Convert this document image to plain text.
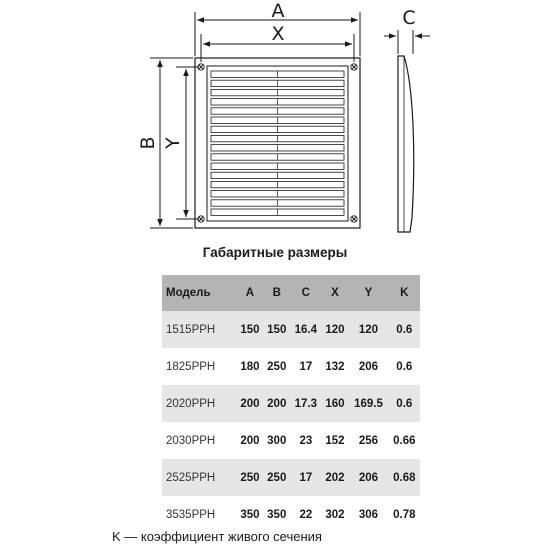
A
X
B Y
C
Габаритные размеры
Модель	A	B	C	X	Y	K
1515PPH	150	150	16.4	120	120	0.6
1825PPH	180	250	17	132	206	0.6
2020PPH	200	200	17.3	160	169.5	0.6
2030PPH	200	300	23	152	256	0.66
2525PPH	250	250	17	202	206	0.68
3535PPH	350	350	22	302	306	0.78
K — коэффициент живого сечения
